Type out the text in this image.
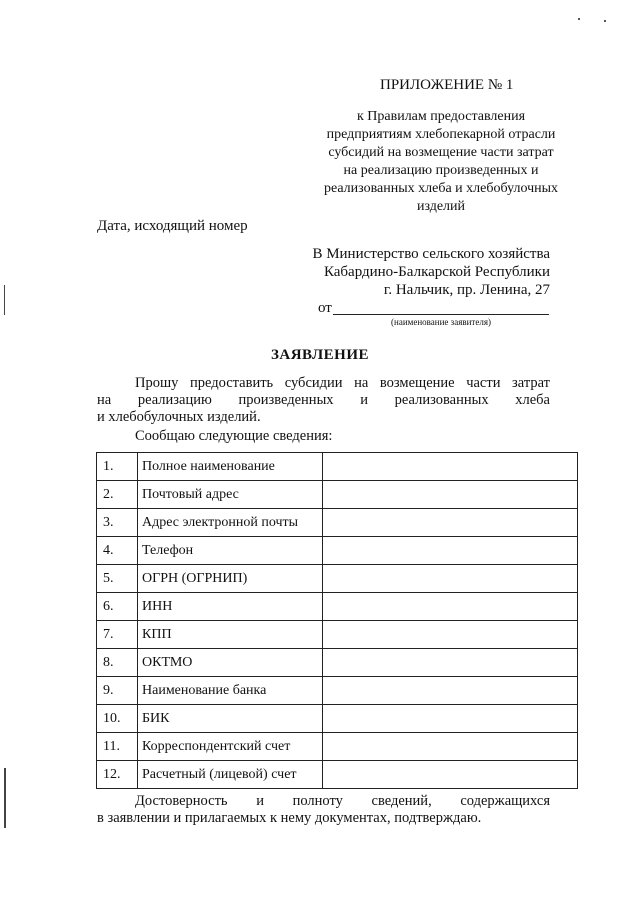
ПРИЛОЖЕНИЕ № 1
к Правилам предоставления предприятиям хлебопекарной отрасли субсидий на возмещение части затрат на реализацию произведенных и реализованных хлеба и хлебобулочных изделий
Дата, исходящий номер
В Министерство сельского хозяйства
Кабардино-Балкарской Республики
г. Нальчик, пр. Ленина, 27
от
(наименование заявителя)
ЗАЯВЛЕНИЕ
Прошу предоставить субсидии на возмещение части затрат
на реализацию произведенных и реализованных хлеба
и хлебобулочных изделий.
Сообщаю следующие сведения:
1.	Полное наименование	
2.	Почтовый адрес	
3.	Адрес электронной почты	
4.	Телефон	
5.	ОГРН (ОГРНИП)	
6.	ИНН	
7.	КПП	
8.	ОКТМО	
9.	Наименование банка	
10.	БИК	
11.	Корреспондентский счет	
12.	Расчетный (лицевой) счет	
Достоверность и полноту сведений, содержащихся
в заявлении и прилагаемых к нему документах, подтверждаю.
